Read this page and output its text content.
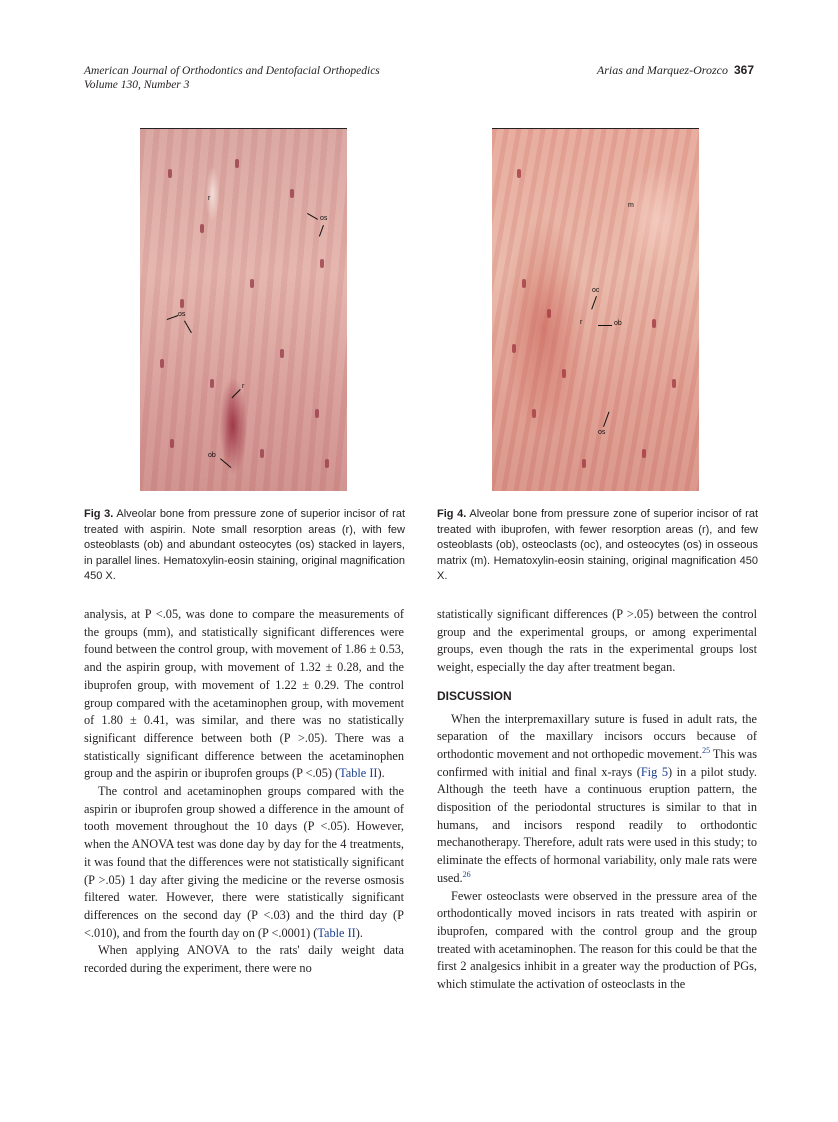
American Journal of Orthodontics and Dentofacial Orthopedics
Volume 130, Number 3
Arias and Marquez-Orozco 367
r
os
os
r
ob
m
oc
r	ob
os
Fig 3. Alveolar bone from pressure zone of superior incisor of rat treated with aspirin. Note small resorption areas (r), with few osteoblasts (ob) and abundant osteocytes (os) stacked in layers, in parallel lines. Hematoxylin-eosin staining, original magnification 450 X.
Fig 4. Alveolar bone from pressure zone of superior incisor of rat treated with ibuprofen, with fewer resorption areas (r), and few osteoblasts (ob), osteoclasts (oc), and osteocytes (os) in osseous matrix (m). Hematoxylin-eosin staining, original magnification 450 X.

analysis, at P <.05, was done to compare the measurements of the groups (mm), and statistically significant differences were found between the control group, with movement of 1.86 ± 0.53, and the aspirin group, with movement of 1.32 ± 0.28, and the ibuprofen group, with movement of 1.22 ± 0.29. The control group compared with the acetaminophen group, with movement of 1.80 ± 0.41, was similar, and there was no statistically significant difference between both (P >.05). There was a statistically significant difference between the acetaminophen group and the aspirin or ibuprofen groups (P <.05) (Table II).

The control and acetaminophen groups compared with the aspirin or ibuprofen group showed a difference in the amount of tooth movement throughout the 10 days (P <.05). However, when the ANOVA test was done day by day for the 4 treatments, it was found that the differences were not statistically significant (P >.05) 1 day after giving the medicine or the reverse osmosis filtered water. However, there were statistically significant differences on the second day (P <.03) and the third day (P <.010), and from the fourth day on (P <.0001) (Table II).

When applying ANOVA to the rats' daily weight data recorded during the experiment, there were no

statistically significant differences (P >.05) between the control group and the experimental groups, or among experimental groups, even though the rats in the experimental groups lost weight, especially the day after treatment began.

DISCUSSION

When the interpremaxillary suture is fused in adult rats, the separation of the maxillary incisors occurs because of orthodontic movement and not orthopedic movement.$^{25}$ This was confirmed with initial and final x-rays (Fig 5) in a pilot study. Although the teeth have a continuous eruption pattern, the disposition of the periodontal structures is similar to that in humans, and incisors respond readily to orthodontic mechanotherapy. Therefore, adult rats were used in this study; to eliminate the effects of hormonal variability, only male rats were used.$^{26}$

Fewer osteoclasts were observed in the pressure area of the orthodontically moved incisors in rats treated with aspirin or ibuprofen, compared with the control group and the group treated with acetaminophen. The reason for this could be that the first 2 analgesics inhibit in a greater way the production of PGs, which stimulate the activation of osteoclasts in the
